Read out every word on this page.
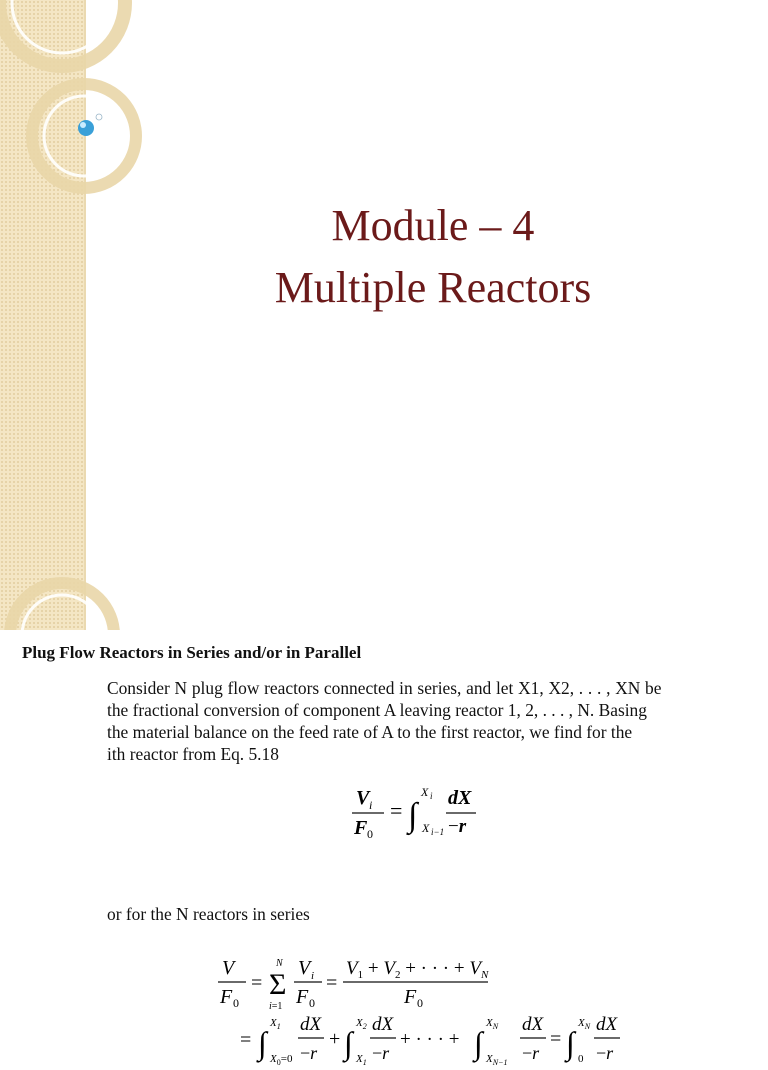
Module – 4
Multiple Reactors
Plug Flow Reactors in Series and/or in Parallel
Consider N plug flow reactors connected in series, and let X1, X2, . . . , XN be
the fractional conversion of component A leaving reactor 1, 2, . . . , N. Basing
the material balance on the feed rate of A to the first reactor, we find for the
ith reactor from Eq. 5.18
V i
F 0
= ∫
X i
X i−1
dX
−r
or for the N reactors in series
V
F 0
=
N
Σ
i=1
V i
F 0
=
$V_1 + V_2$ + · · · + $V_N$
F 0
= ∫
$X_1$
$X_0=0$
dX
−r
+ ∫
$X_2$
$X_1$
dX
−r
+ · · · + ∫
$X_N$
$X_{N-1}$
dX
−r
= ∫
$X_N$
0
dX
−r
